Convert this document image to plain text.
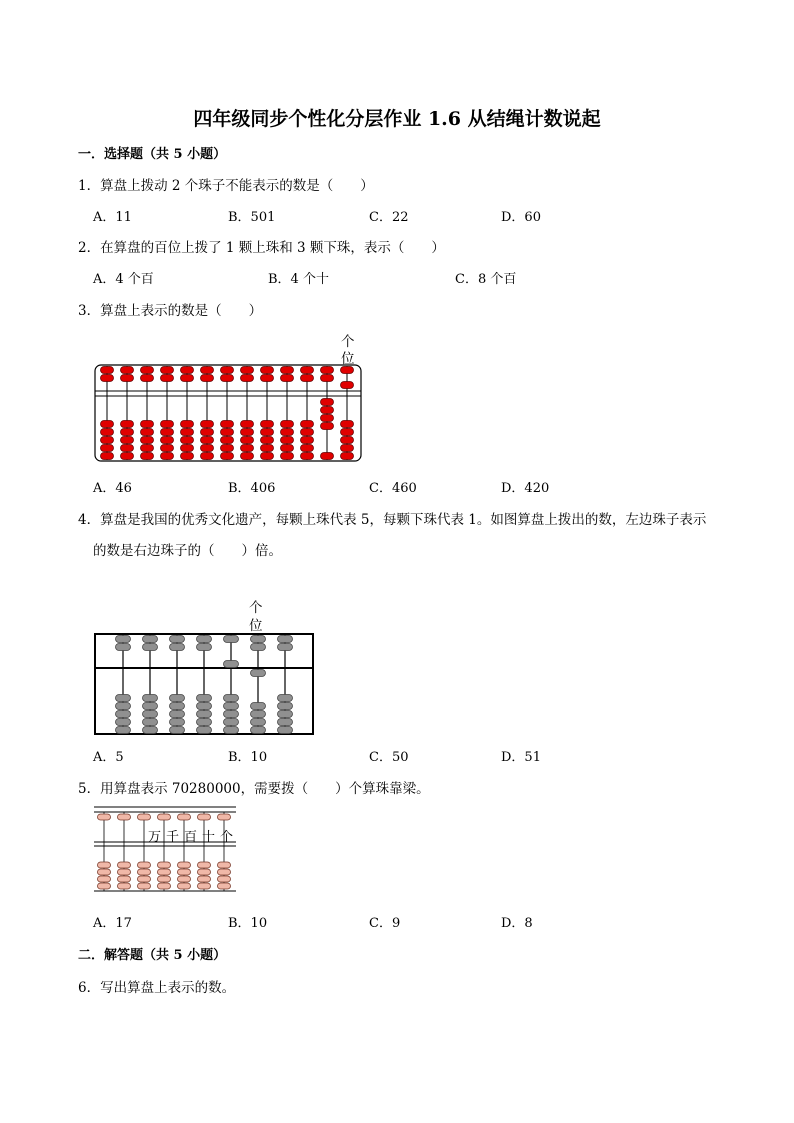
四年级同步个性化分层作业 1.6 从结绳计数说起
一．选择题（共 5 小题）
1．算盘上拨动 2 个珠子不能表示的数是（　　）
A．11	B．501	C．22	D．60
2．在算盘的百位上拨了 1 颗上珠和 3 颗下珠，表示（　　）
A．4 个百	B．4 个十	C．8 个百
3．算盘上表示的数是（　　）
个
位
A．46	B．406	C．460	D．420
4．算盘是我国的优秀文化遗产，每颗上珠代表 5，每颗下珠代表 1。如图算盘上拨出的数，左边珠子表示
的数是右边珠子的（　　）倍。
个
位
A．5	B．10	C．50	D．51
5．用算盘表示 70280000，需要拨（　　）个算珠靠梁。
万 千 百 十 个
A．17	B．10	C．9	D．8
二．解答题（共 5 小题）
6．写出算盘上表示的数。
